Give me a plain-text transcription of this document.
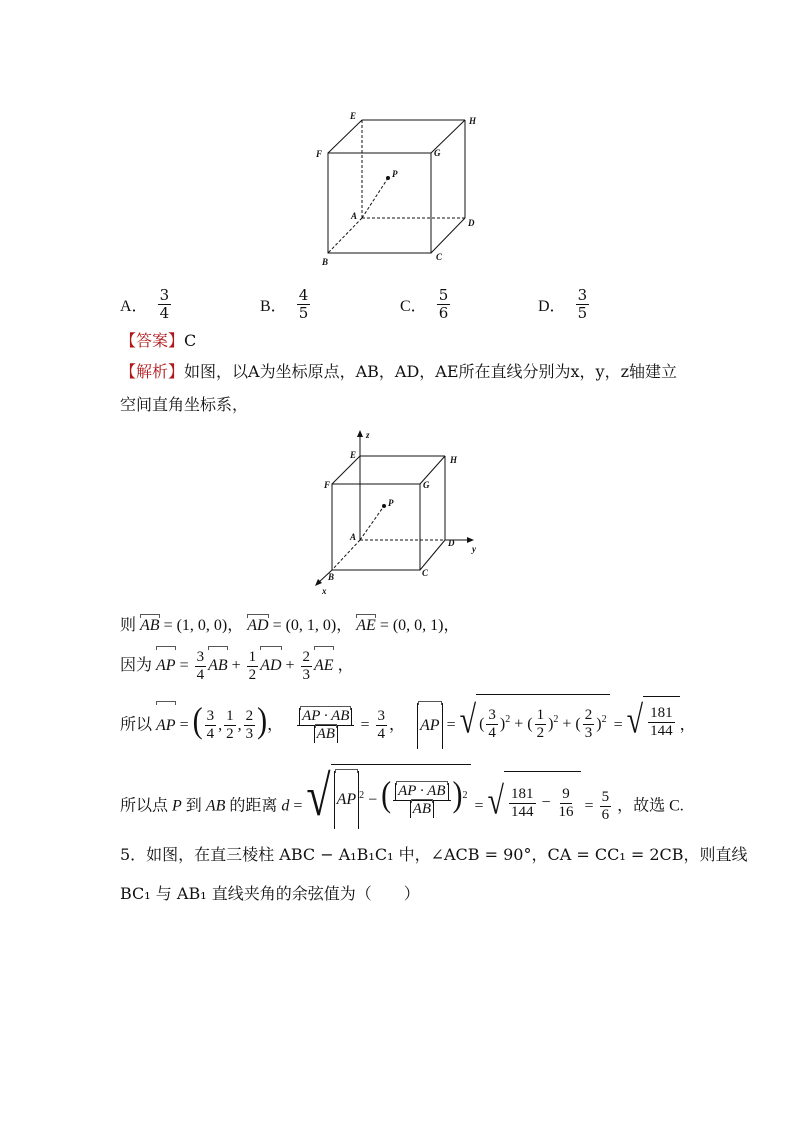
E	H
F	G
P
A
D
B	C
A． $\frac{3}{4}$	B． $\frac{4}{5}$	C． $\frac{5}{6}$	D． $\frac{3}{5}$
【答案】C
【解析】如图，以A为坐标原点，AB，AD，AE所在直线分别为x，y，z轴建立
空间直角坐标系，
z
E	H
F	G
P
A
D
y
B	C
x
则 AB = (1, 0, 0)， AD = (0, 1, 0)， AE = (0, 0, 1)，
因为 AP = $\frac{3}{4}$ AB + $\frac{1}{2}$ AD + $\frac{2}{3}$ AE ，
所以 AP = ( $\frac{3}{4}$ , $\frac{1}{2}$ , $\frac{2}{3}$ )， $\frac{AP \cdot AB}{AB} = \frac{3}{4}$ ， AP = √ ( $\frac{3}{4} )^2$ + ( $\frac{1}{2} )^2$ + ( $\frac{2}{3} )^2$ = √ $\frac{181}{144}$ ，
所以点 P 到 AB 的距离 d = √ AP $^2$ − ( $\frac{AP \cdot AB}{AB} )^2$
= √ $\frac{181}{144} - \frac{9}{16} = \frac{5}{6}$ ，故选 C.
5．如图，在直三棱柱 ABC − A₁B₁C₁ 中，∠ACB = 90°，CA = CC₁ = 2CB，则直线
BC₁ 与 AB₁ 直线夹角的余弦值为（　　）
